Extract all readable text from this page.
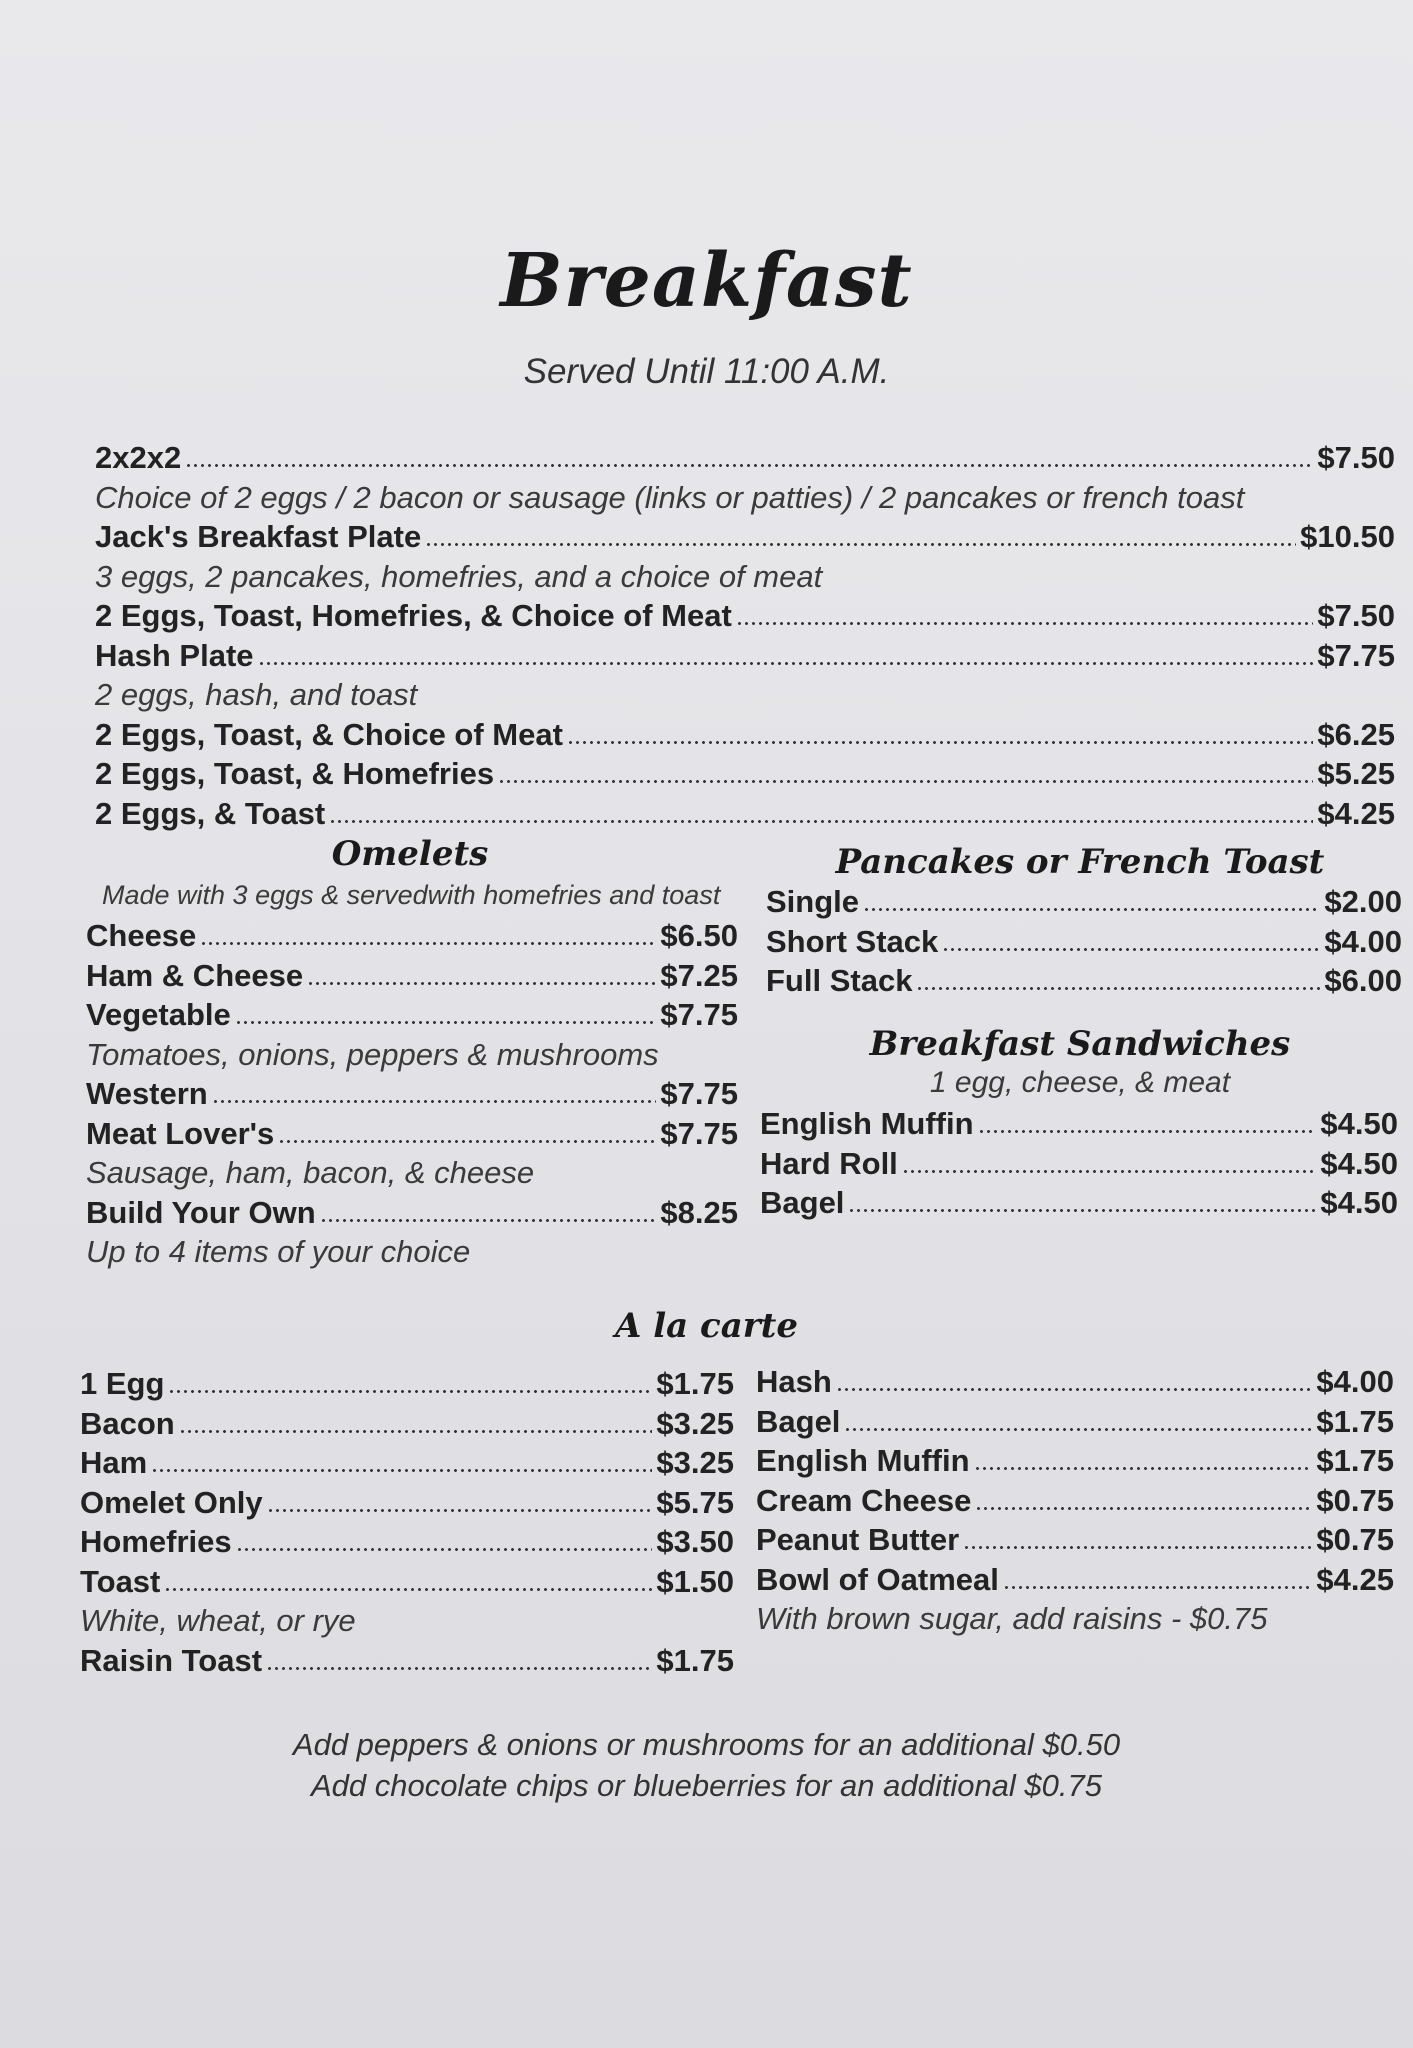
Breakfast
Served Until 11:00 A.M.
2x2x2	$7.50
Choice of 2 eggs / 2 bacon or sausage (links or patties) / 2 pancakes or french toast
Jack's Breakfast Plate	$10.50
3 eggs, 2 pancakes, homefries, and a choice of meat
2 Eggs, Toast, Homefries, & Choice of Meat	$7.50
Hash Plate	$7.75
2 eggs, hash, and toast
2 Eggs, Toast, & Choice of Meat	$6.25
2 Eggs, Toast, & Homefries	$5.25
2 Eggs, & Toast	$4.25
Omelets
Made with 3 eggs & servedwith homefries and toast
Cheese	$6.50
Ham & Cheese	$7.25
Vegetable	$7.75
Tomatoes, onions, peppers & mushrooms
Western	$7.75
Meat Lover's	$7.75
Sausage, ham, bacon, & cheese
Build Your Own	$8.25
Up to 4 items of your choice
Pancakes or French Toast
Single	$2.00
Short Stack	$4.00
Full Stack	$6.00
Breakfast Sandwiches
1 egg, cheese, & meat
English Muffin	$4.50
Hard Roll	$4.50
Bagel	$4.50
A la carte
1 Egg	$1.75
Bacon	$3.25
Ham	$3.25
Omelet Only	$5.75
Homefries	$3.50
Toast	$1.50
White, wheat, or rye
Raisin Toast	$1.75
Hash	$4.00
Bagel	$1.75
English Muffin	$1.75
Cream Cheese	$0.75
Peanut Butter	$0.75
Bowl of Oatmeal	$4.25
With brown sugar, add raisins - $0.75
Add peppers & onions or mushrooms for an additional $0.50
Add chocolate chips or blueberries for an additional $0.75
